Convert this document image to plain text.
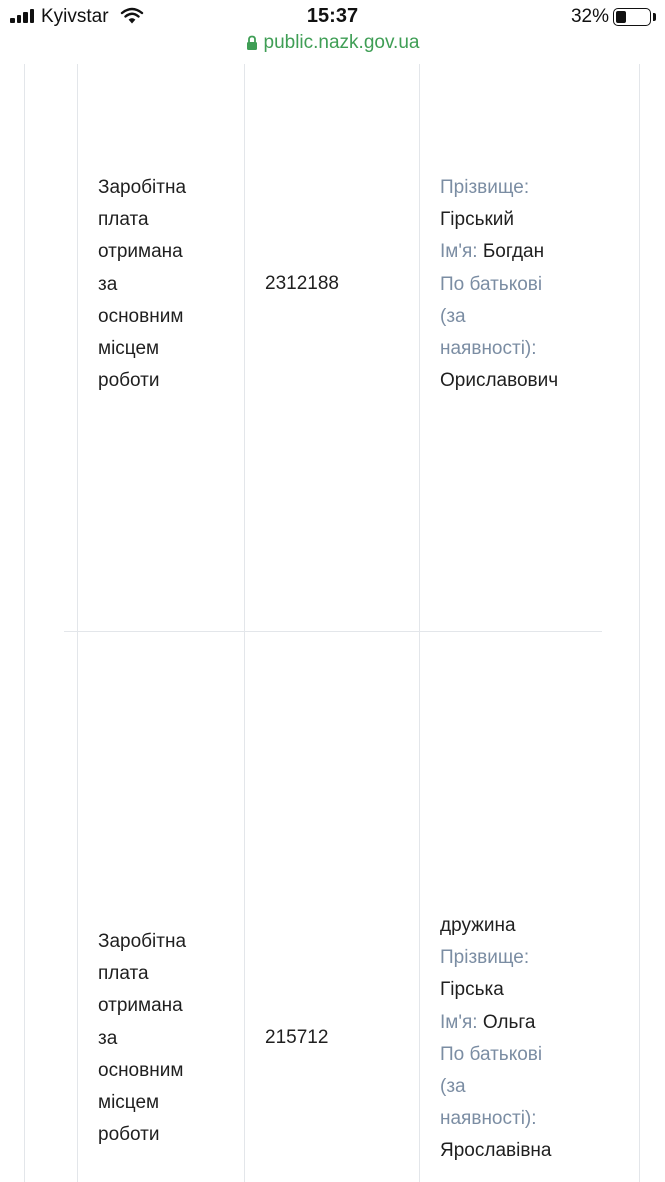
Kyivstar	15:37	32%
public.nazk.gov.ua
Заробітна
плата
отримана
за
основним
місцем
роботи
2312188
Прізвище:
Гірський
Ім'я: Богдан
По батькові
(за
наявності):
Ориславович
Заробітна
плата
отримана
за
основним
місцем
роботи
215712
дружина
Прізвище:
Гірська
Ім'я: Ольга
По батькові
(за
наявності):
Ярославівна
